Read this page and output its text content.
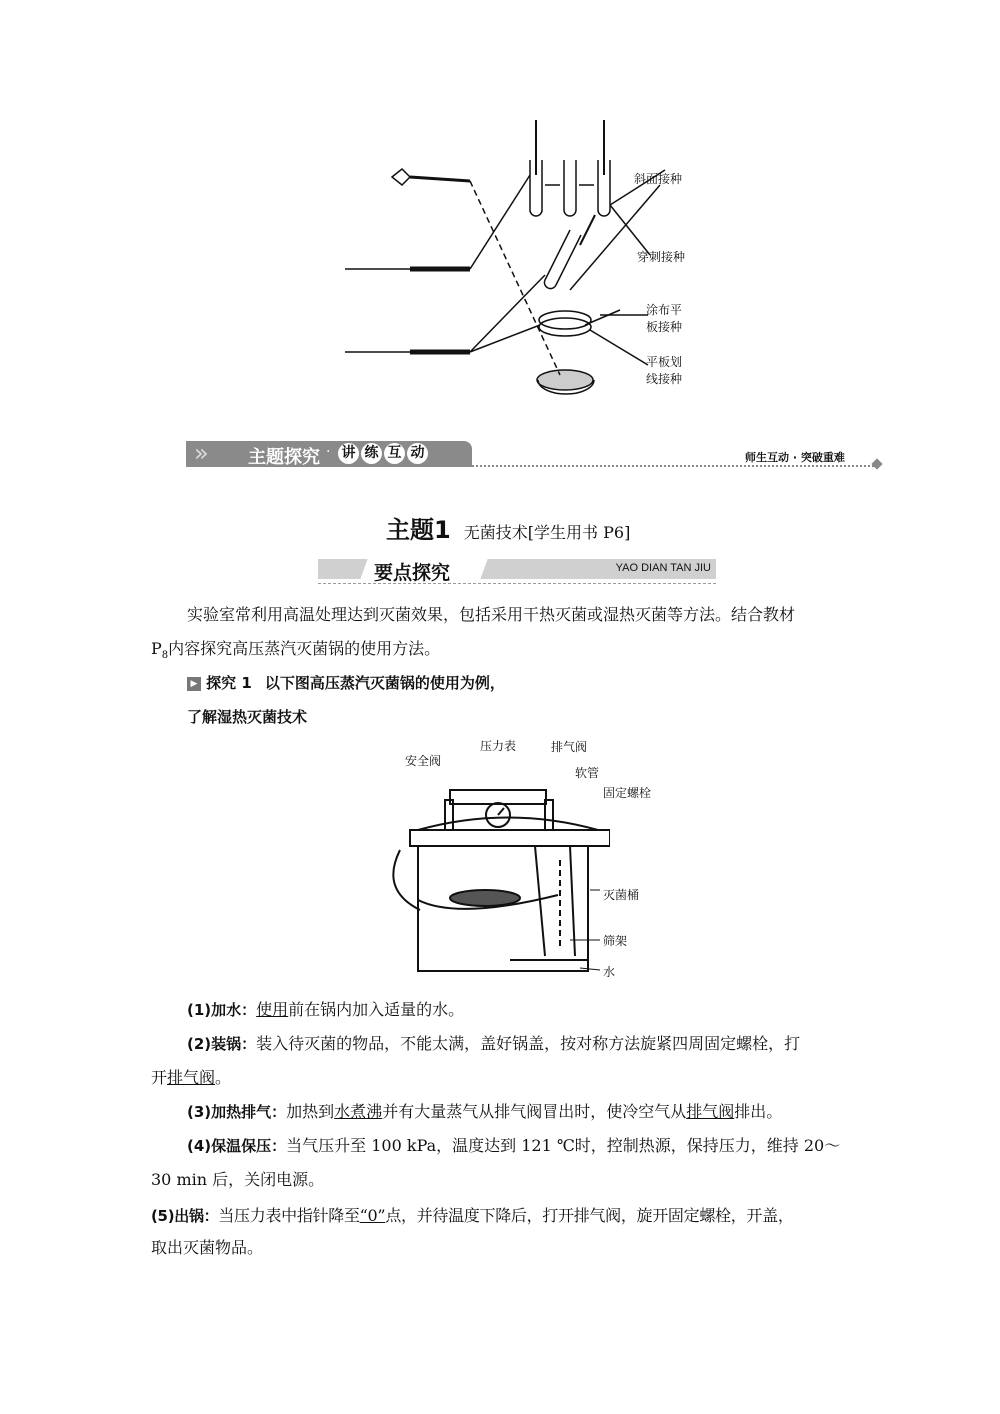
斜面接种
穿刺接种
涂布平板接种
平板划线接种
» 主题探究 · 讲 练 互 动	师生互动 · 突破重难
主题1 无菌技术[学生用书 P6]
要点探究	YAO DIAN TAN JIU
实验室常利用高温处理达到灭菌效果，包括采用干热灭菌或湿热灭菌等方法。结合教材
$P_8$内容探究高压蒸汽灭菌锅的使用方法。
▶ 探究 1 以下图高压蒸汽灭菌锅的使用为例，
了解湿热灭菌技术
安全阀
压力表	排气阀
软管
固定螺栓
灭菌桶
筛架
水
(1)加水：使用前在锅内加入适量的水。
(2)装锅：装入待灭菌的物品，不能太满，盖好锅盖，按对称方法旋紧四周固定螺栓，打
开排气阀。
(3)加热排气：加热到水煮沸并有大量蒸气从排气阀冒出时，使冷空气从排气阀排出。
(4)保温保压：当气压升至 100 kPa，温度达到 121 ℃时，控制热源，保持压力，维持 20～
30 min 后，关闭电源。
(5)出锅：当压力表中指针降至“0”点，并待温度下降后，打开排气阀，旋开固定螺栓，开盖，
取出灭菌物品。
